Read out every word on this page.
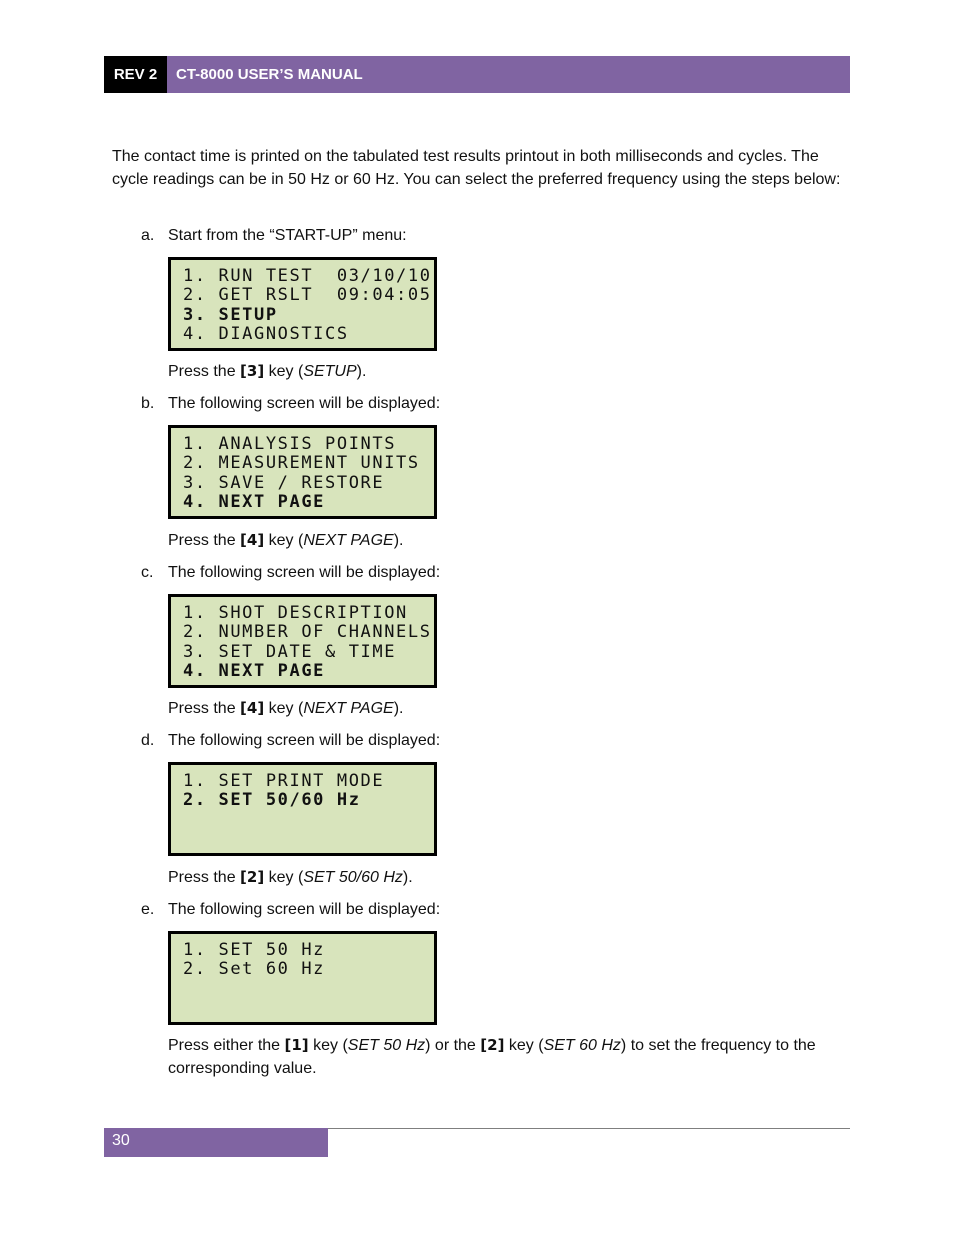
REV 2	CT-8000 USER’S MANUAL

The contact time is printed on the tabulated test results printout in both milliseconds and cycles. The cycle readings can be in 50 Hz or 60 Hz. You can select the preferred frequency using the steps below:

a. Start from the “START-UP” menu:
1. RUN TEST  03/10/10
2. GET RSLT  09:04:05
3. SETUP
4. DIAGNOSTICS
Press the [3] key (SETUP).
b. The following screen will be displayed:
1. ANALYSIS POINTS
2. MEASUREMENT UNITS
3. SAVE / RESTORE
4. NEXT PAGE
Press the [4] key (NEXT PAGE).
c. The following screen will be displayed:
1. SHOT DESCRIPTION
2. NUMBER OF CHANNELS
3. SET DATE & TIME
4. NEXT PAGE
Press the [4] key (NEXT PAGE).
d. The following screen will be displayed:
1. SET PRINT MODE
2. SET 50/60 Hz
Press the [2] key (SET 50/60 Hz).
e. The following screen will be displayed:
1. SET 50 Hz
2. Set 60 Hz
Press either the [1] key (SET 50 Hz) or the [2] key (SET 60 Hz) to set the frequency to the corresponding value.
30
